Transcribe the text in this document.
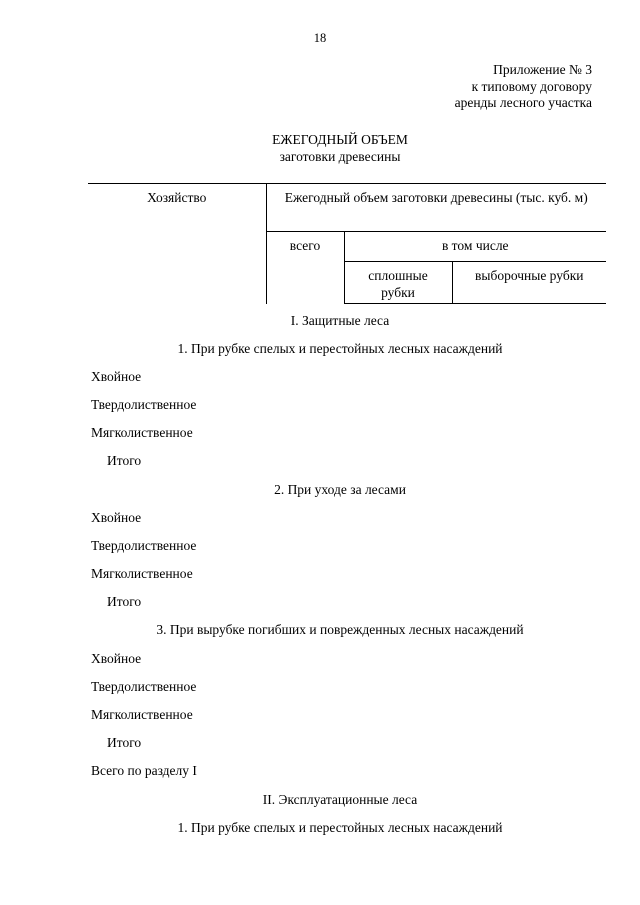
18
Приложение № 3
к типовому договору
аренды лесного участка
ЕЖЕГОДНЫЙ ОБЪЕМ
заготовки древесины
Хозяйство	Ежегодный объем заготовки древесины (тыс. куб. м)		
	всего	в том числе	
		сплошные рубки	выборочные рубки
I. Защитные леса
1. При рубке спелых и перестойных лесных насаждений
Хвойное
Твердолиственное
Мягколиственное
Итого
2. При уходе за лесами
Хвойное
Твердолиственное
Мягколиственное
Итого
3. При вырубке погибших и поврежденных лесных насаждений
Хвойное
Твердолиственное
Мягколиственное
Итого
Всего по разделу I
II. Эксплуатационные леса
1. При рубке спелых и перестойных лесных насаждений
